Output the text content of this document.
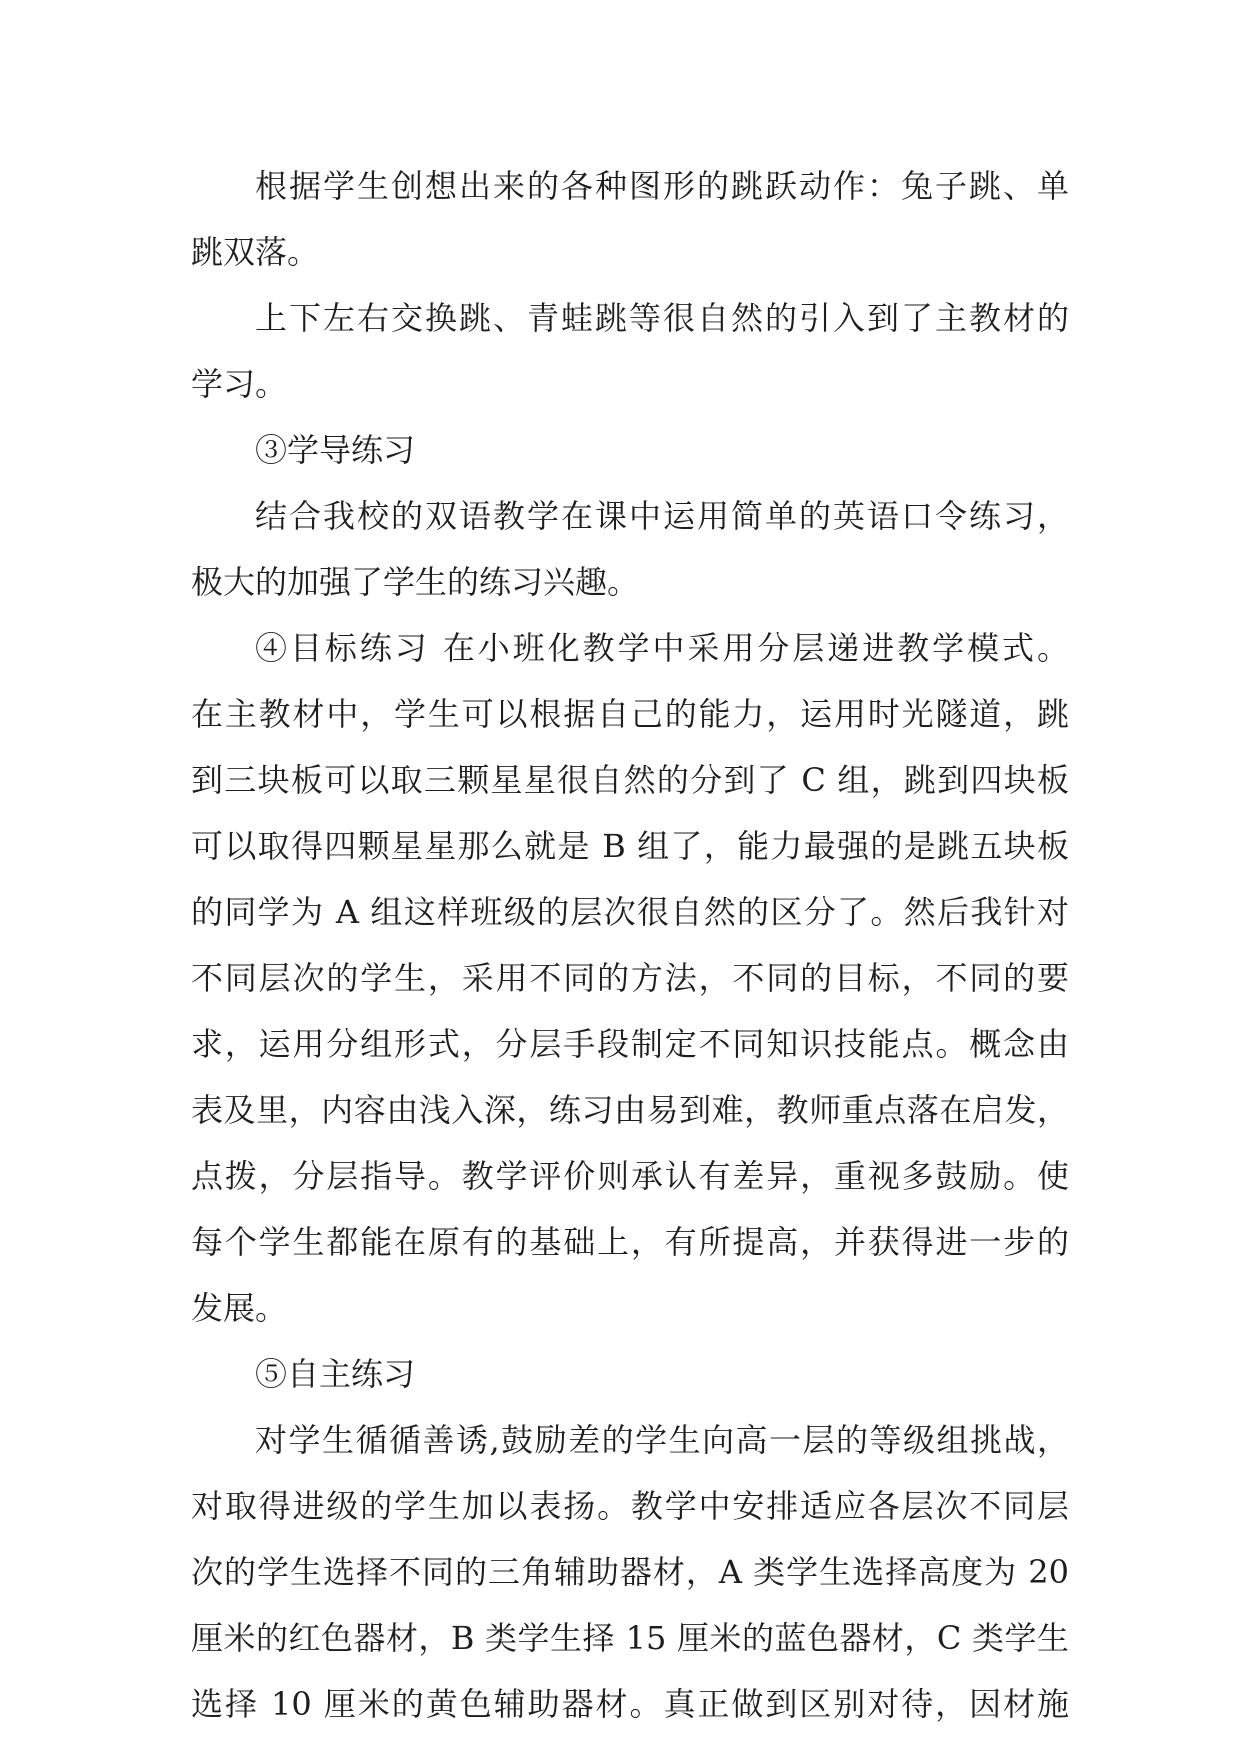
根据学生创想出来的各种图形的跳跃动作：兔子跳、单
跳双落。
上下左右交换跳、青蛙跳等很自然的引入到了主教材的
学习。
③学导练习
结合我校的双语教学在课中运用简单的英语口令练习，
极大的加强了学生的练习兴趣。
④目标练习 在小班化教学中采用分层递进教学模式。
在主教材中，学生可以根据自己的能力，运用时光隧道，跳
到三块板可以取三颗星星很自然的分到了 C 组，跳到四块板
可以取得四颗星星那么就是 B 组了，能力最强的是跳五块板
的同学为 A 组这样班级的层次很自然的区分了。然后我针对
不同层次的学生，采用不同的方法，不同的目标，不同的要
求，运用分组形式，分层手段制定不同知识技能点。概念由
表及里，内容由浅入深，练习由易到难，教师重点落在启发，
点拨，分层指导。教学评价则承认有差异，重视多鼓励。使
每个学生都能在原有的基础上，有所提高，并获得进一步的
发展。
⑤自主练习
对学生循循善诱,鼓励差的学生向高一层的等级组挑战，
对取得进级的学生加以表扬。教学中安排适应各层次不同层
次的学生选择不同的三角辅助器材，A 类学生选择高度为 20
厘米的红色器材，B 类学生择 15 厘米的蓝色器材，C 类学生
选择 10 厘米的黄色辅助器材。真正做到区别对待，因材施
